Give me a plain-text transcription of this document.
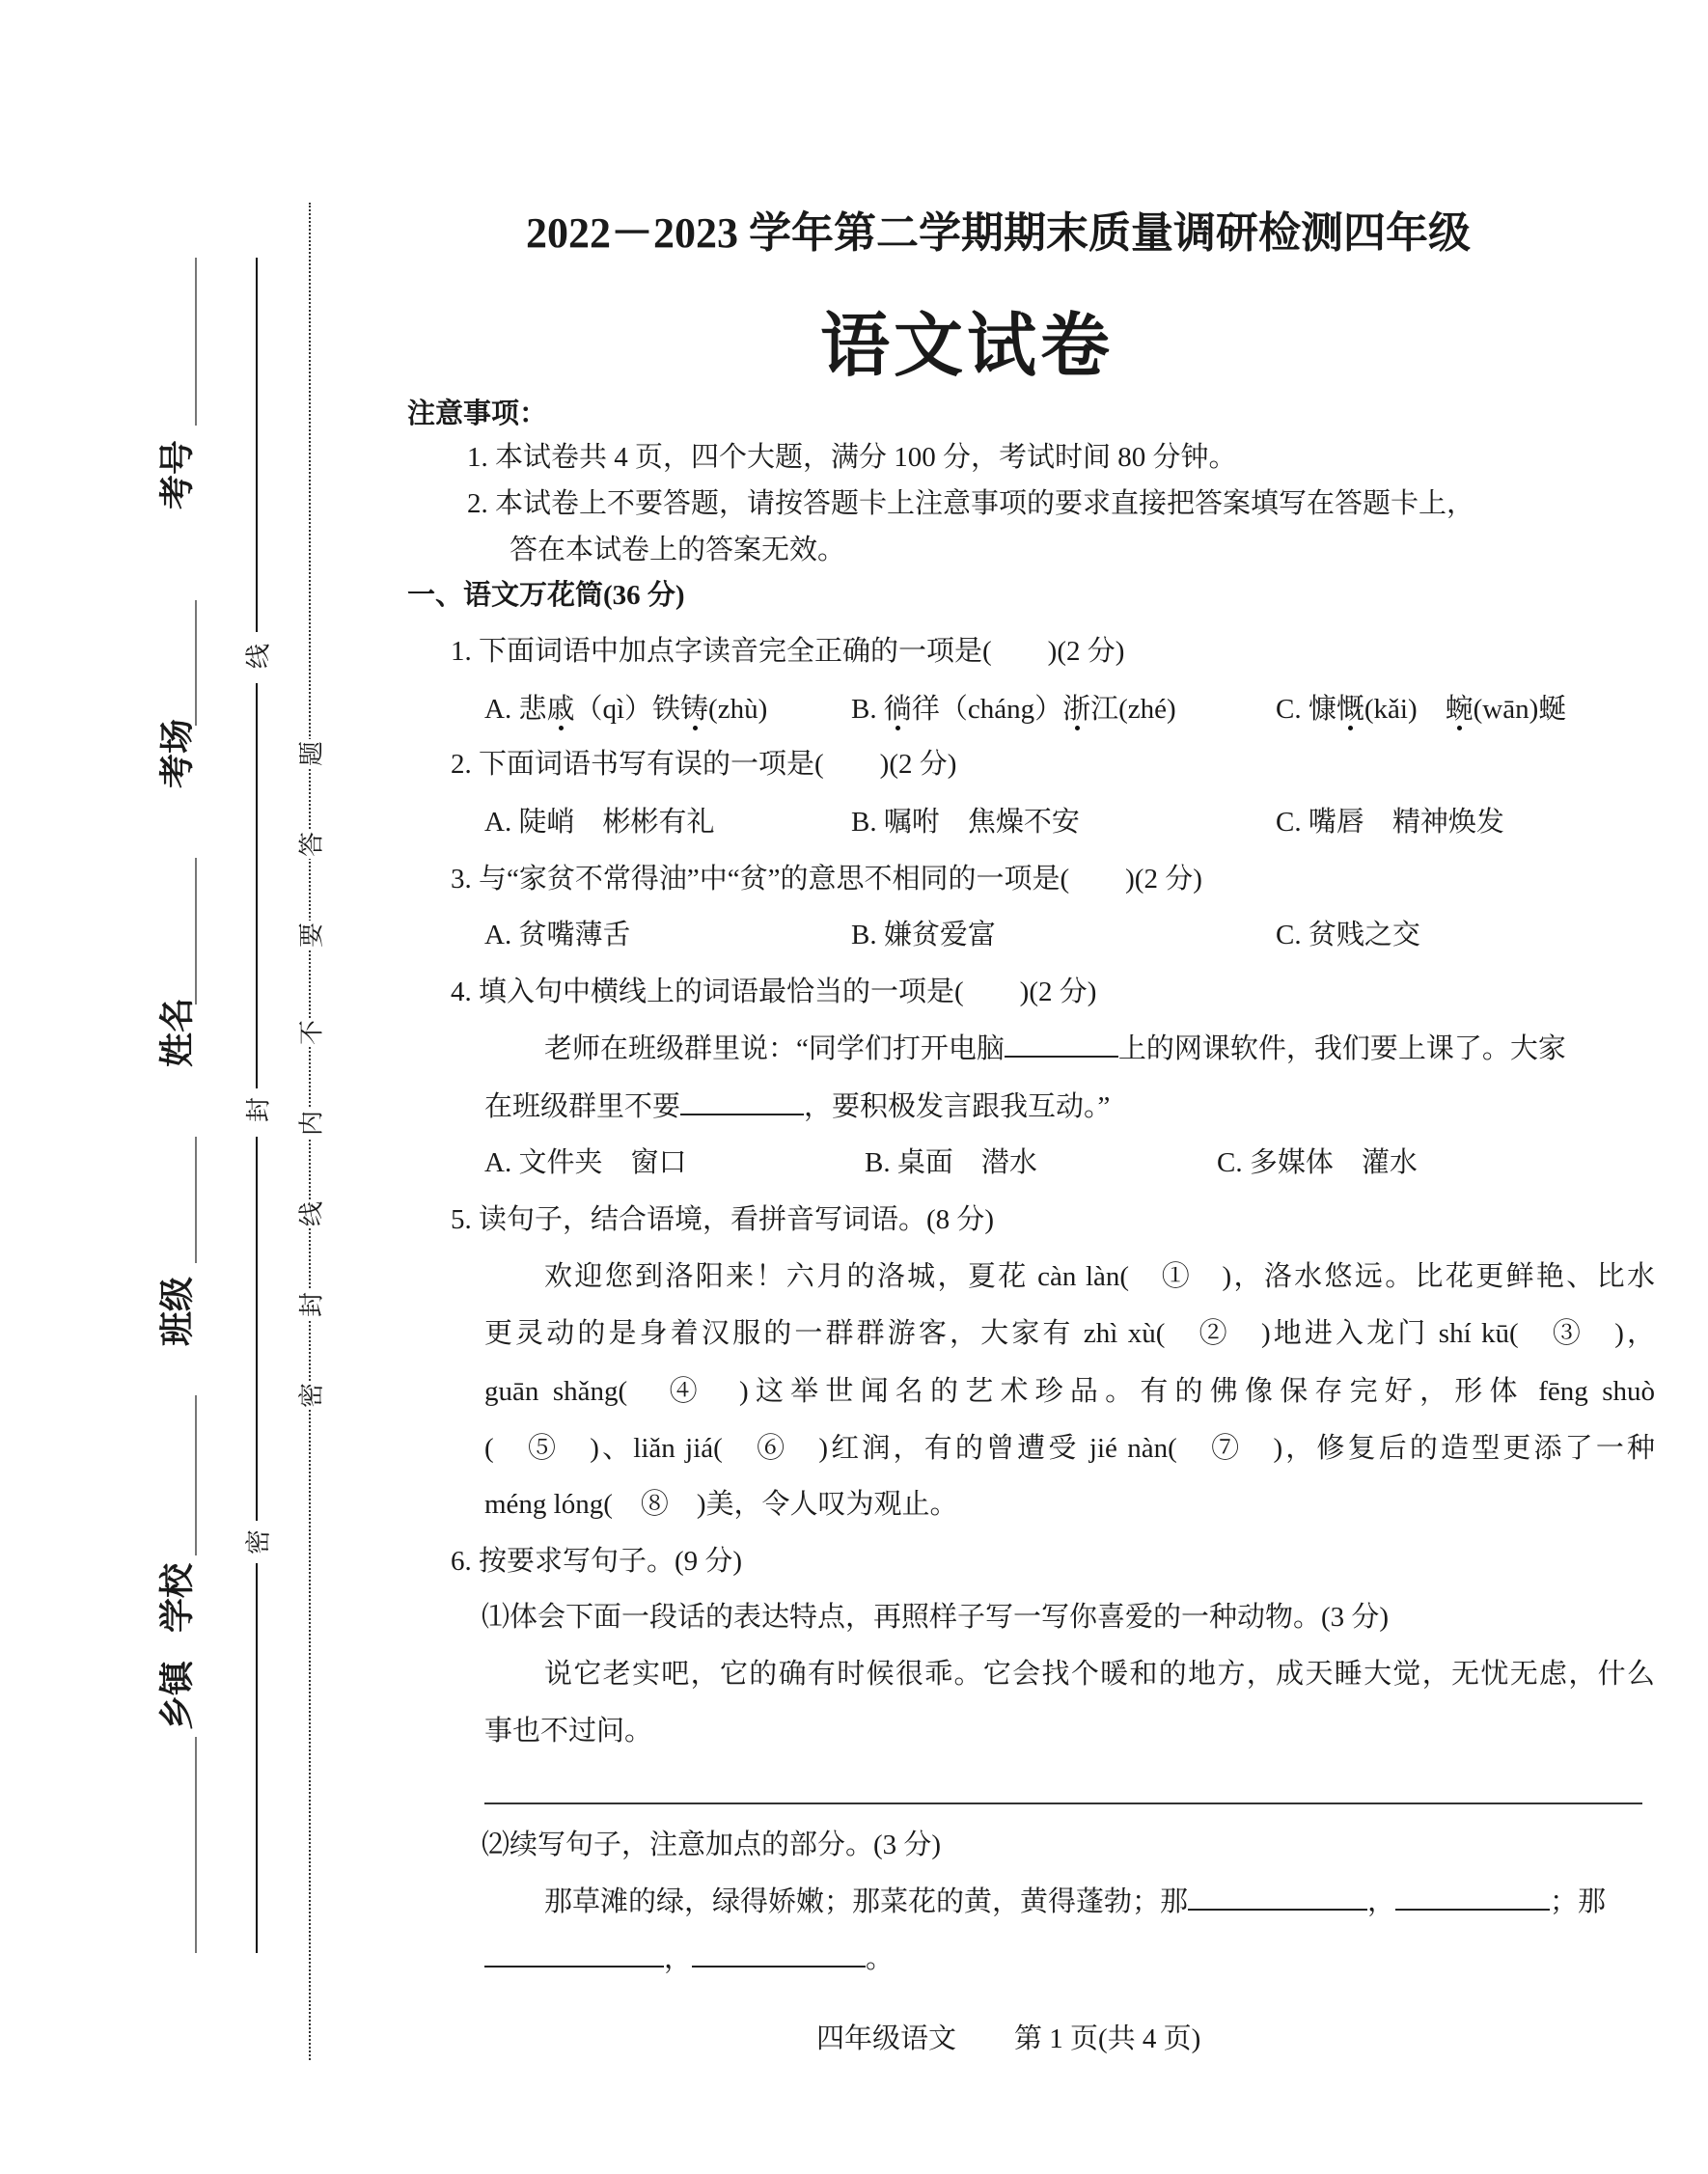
考号
考场
姓名
班级
学校
乡镇
线
封
密
题
答
要
不
内
线
封
密
2022－2023 学年第二学期期末质量调研检测四年级
语文试卷
注意事项：
1. 本试卷共 4 页，四个大题，满分 100 分，考试时间 80 分钟。
2. 本试卷上不要答题，请按答题卡上注意事项的要求直接把答案填写在答题卡上，
答在本试卷上的答案无效。
一、语文万花筒(36 分)
1. 下面词语中加点字读音完全正确的一项是(　　)(2 分)
A. 悲戚（qì）铁铸(zhù)	B. 徜徉（cháng）浙江(zhé)	C. 慷慨(kǎi)　蜿(wān)蜒
2. 下面词语书写有误的一项是(　　)(2 分)
A. 陡峭　彬彬有礼	B. 嘱咐　焦燥不安	C. 嘴唇　精神焕发
3. 与“家贫不常得油”中“贫”的意思不相同的一项是(　　)(2 分)
A. 贫嘴薄舌	B. 嫌贫爱富	C. 贫贱之交
4. 填入句中横线上的词语最恰当的一项是(　　)(2 分)
老师在班级群里说：“同学们打开电脑	上的网课软件，我们要上课了。大家
在班级群里不要	，要积极发言跟我互动。”
A. 文件夹　窗口	B. 桌面　潜水	C. 多媒体　灌水
5. 读句子，结合语境，看拼音写词语。(8 分)
欢迎您到洛阳来！六月的洛城，夏花 càn làn(　①　)，洛水悠远。比花更鲜艳、比水
更灵动的是身着汉服的一群群游客，大家有 zhì xù(　②　)地进入龙门 shí kū(　③　)，
guān shǎng(　④　)这举世闻名的艺术珍品。有的佛像保存完好，形体 fēng shuò
(　⑤　)、liǎn jiá(　⑥　)红润，有的曾遭受 jié nàn(　⑦　)，修复后的造型更添了一种
méng lóng(　⑧　)美，令人叹为观止。
6. 按要求写句子。(9 分)
⑴体会下面一段话的表达特点，再照样子写一写你喜爱的一种动物。(3 分)
说它老实吧，它的确有时候很乖。它会找个暖和的地方，成天睡大觉，无忧无虑，什么
事也不过问。
⑵续写句子，注意加点的部分。(3 分)
那草滩的绿，绿得娇嫩；那菜花的黄，黄得蓬勃；那	，	；那
，	。
四年级语文 第 1 页(共 4 页)
